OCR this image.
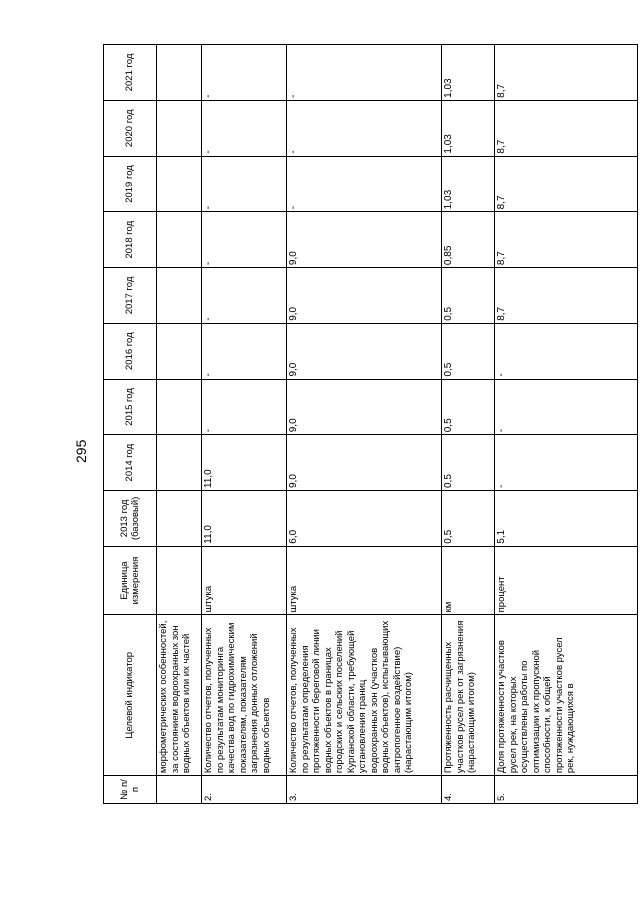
295
№ п/п	Целевой индикатор	Единица измерения	2013 год (базовый)	2014 год	2015 год	2016 год	2017 год	2018 год	2019 год	2020 год	2021 год
	морфометрических особенностей, за состоянием водоохранных зон водных объектов или их частей										
2.	Количество отчетов, полученных по результатам мониторинга качества вод по гидрохимическим показателям, показателям загрязнения донных отложений водных объектов	штука	11,0	11,0	-	-	-	-	-	-	-
3.	Количество отчетов, полученных по результатам определения протяженности береговой линии водных объектов в границах городских и сельских поселений Курганской области, требующей установления границ водоохранных зон (участков водных объектов), испытывающих антропогенное воздействие) (нарастающим итогом)	штука	6,0	9,0	9,0	9,0	9,0	9,0	-	-	-
4.	Протяженность расчищенных участков русел рек от загрязнения (нарастающим итогом)	км	0,5	0,5	0,5	0,5	0,5	0,85	1,03	1,03	1,03
5.	Доля протяженности участков русел рек, на которых осуществлены работы по оптимизации их пропускной способности, к общей протяженности участков русел рек, нуждающихся в	процент	5,1	-	-	-	8,7	8,7	8,7	8,7	8,7
